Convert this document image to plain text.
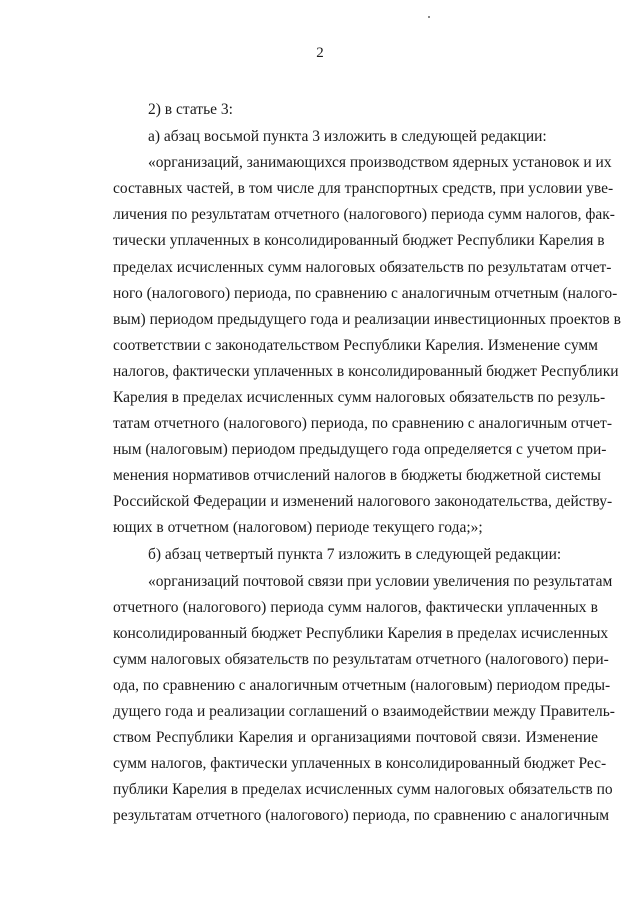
2
2) в статье 3:
а) абзац восьмой пункта 3 изложить в следующей редакции:
«организаций, занимающихся производством ядерных установок и их
составных частей, в том числе для транспортных средств, при условии уве-
личения по результатам отчетного (налогового) периода сумм налогов, фак-
тически уплаченных в консолидированный бюджет Республики Карелия в
пределах исчисленных сумм налоговых обязательств по результатам отчет-
ного (налогового) периода, по сравнению с аналогичным отчетным (налого-
вым) периодом предыдущего года и реализации инвестиционных проектов в
соответствии с законодательством Республики Карелия. Изменение сумм
налогов, фактически уплаченных в консолидированный бюджет Республики
Карелия в пределах исчисленных сумм налоговых обязательств по резуль-
татам отчетного (налогового) периода, по сравнению с аналогичным отчет-
ным (налоговым) периодом предыдущего года определяется с учетом при-
менения нормативов отчислений налогов в бюджеты бюджетной системы
Российской Федерации и изменений налогового законодательства, действу-
ющих в отчетном (налоговом) периоде текущего года;»;
б) абзац четвертый пункта 7 изложить в следующей редакции:
«организаций почтовой связи при условии увеличения по результатам
отчетного (налогового) периода сумм налогов, фактически уплаченных в
консолидированный бюджет Республики Карелия в пределах исчисленных
сумм налоговых обязательств по результатам отчетного (налогового) пери-
ода, по сравнению с аналогичным отчетным (налоговым) периодом преды-
дущего года и реализации соглашений о взаимодействии между Правитель-
ством Республики Карелия и организациями почтовой связи. Изменение
сумм налогов, фактически уплаченных в консолидированный бюджет Рес-
публики Карелия в пределах исчисленных сумм налоговых обязательств по
результатам отчетного (налогового) периода, по сравнению с аналогичным
